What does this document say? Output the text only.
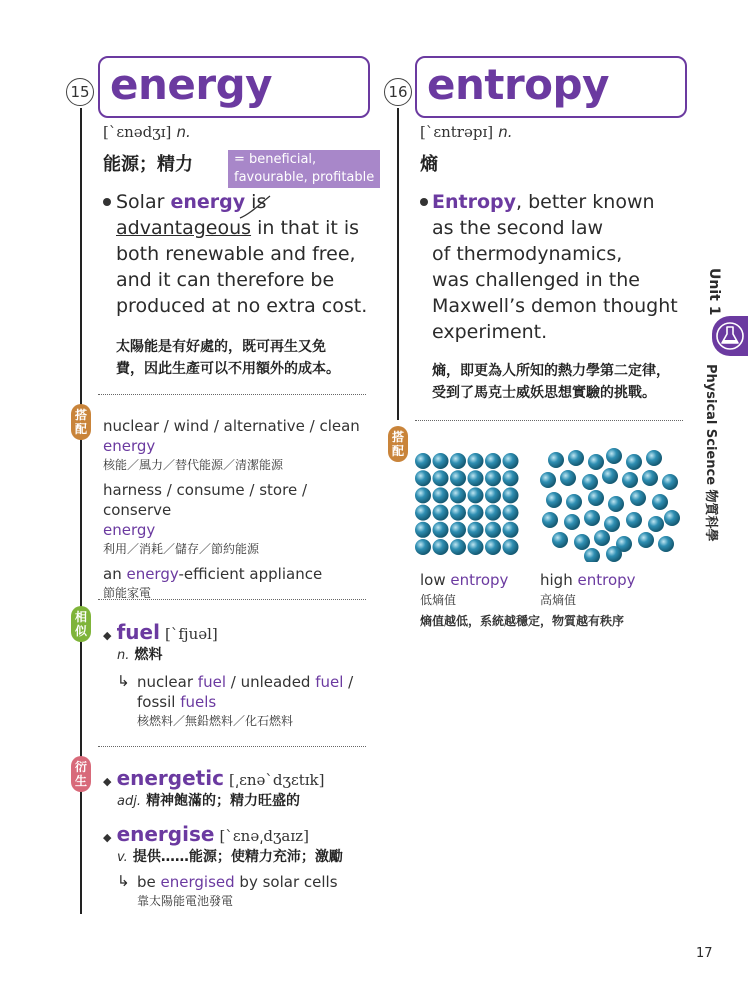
15 energy
[ˋɛnədʒɪ] n.
能源；精力	= beneficial, favourable, profitable
Solar energy is
advantageous in that it is
both renewable and free,
and it can therefore be
produced at no extra cost.
太陽能是有好處的，既可再生又免
費，因此生產可以不用額外的成本。
搭配 nuclear / wind / alternative / clean
energy
核能／風力／替代能源／清潔能源
harness / consume / store / conserve
energy
利用／消耗／儲存／節約能源
an energy-efficient appliance
節能家電
相似	◆ fuel [ˋfjuəl]
n. 燃料
↳ nuclear fuel / unleaded fuel /
fossil fuels
核燃料／無鉛燃料／化石燃料
衍生	◆ energetic [͵ɛnəˋdʒɛtɪk]
adj. 精神飽滿的；精力旺盛的
◆ energise [ˋɛnə͵dʒaɪz]
v. 提供……能源；使精力充沛；激勵
↳ be energised by solar cells
靠太陽能電池發電
16 entropy
[ˋɛntrəpɪ] n.
熵
Entropy, better known
as the second law
of thermodynamics,
was challenged in the
Maxwell’s demon thought
experiment.
熵，即更為人所知的熱力學第二定律，
受到了馬克士威妖思想實驗的挑戰。
搭配
low entropy
低熵值
high entropy
高熵值
熵值越低，系統越穩定，物質越有秩序
Unit 1
Physical Science 物質科學
17
